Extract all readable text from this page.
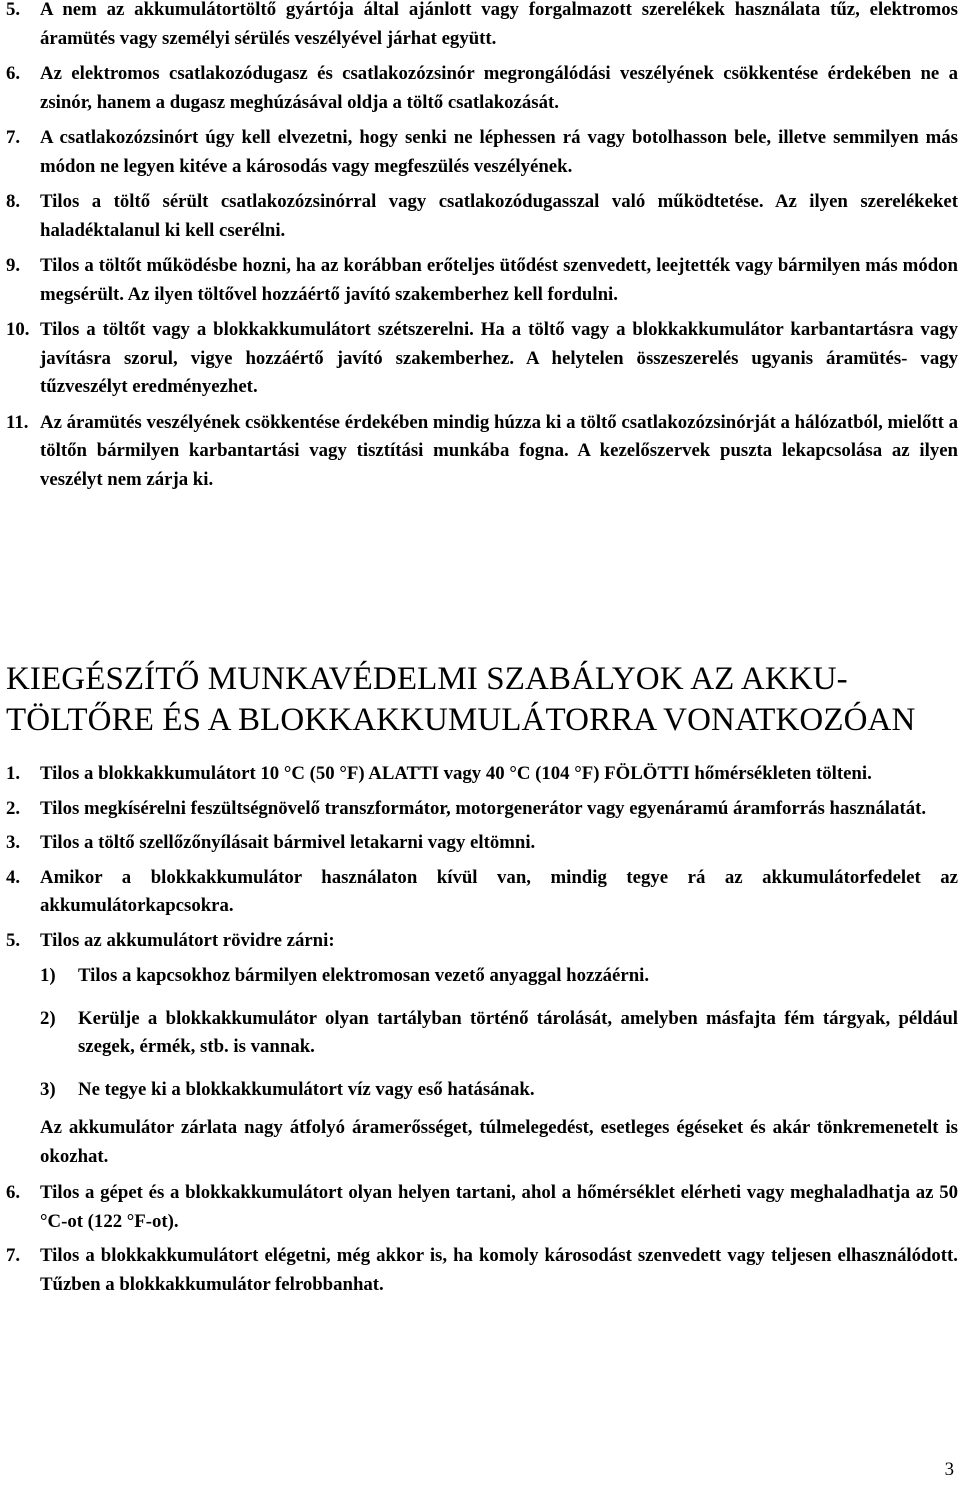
5.	A nem az akkumulátortöltő gyártója által ajánlott vagy forgalmazott szerelékek használata tűz, elektromos áramütés vagy személyi sérülés veszélyével járhat együtt.
6.	Az elektromos csatlakozódugasz és csatlakozózsinór megrongálódási veszélyének csökkentése érdekében ne a zsinór, hanem a dugasz meghúzásával oldja a töltő csatlakozását.
7.	A csatlakozózsinórt úgy kell elvezetni, hogy senki ne léphessen rá vagy botolhasson bele, illetve semmilyen más módon ne legyen kitéve a károsodás vagy megfeszülés veszélyének.
8.	Tilos a töltő sérült csatlakozózsinórral vagy csatlakozódugasszal való működtetése. Az ilyen szerelékeket haladéktalanul ki kell cserélni.
9.	Tilos a töltőt működésbe hozni, ha az korábban erőteljes ütődést szenvedett, leejtették vagy bármilyen más módon megsérült. Az ilyen töltővel hozzáértő javító szakemberhez kell fordulni.
10. Tilos a töltőt vagy a blokkakkumulátort szétszerelni. Ha a töltő vagy a blokkakkumulátor karbantartásra vagy javításra szorul, vigye hozzáértő javító szakemberhez. A helytelen összeszerelés ugyanis áramütés- vagy tűzveszélyt eredményezhet.
11. Az áramütés veszélyének csökkentése érdekében mindig húzza ki a töltő csatlakozózsinórját a hálózatból, mielőtt a töltőn bármilyen karbantartási vagy tisztítási munkába fogna. A kezelőszervek puszta lekapcsolása az ilyen veszélyt nem zárja ki.
KIEGÉSZÍTŐ MUNKAVÉDELMI SZABÁLYOK AZ AKKU-
TÖLTŐRE ÉS A BLOKKAKKUMULÁTORRA VONATKOZÓAN
1.	Tilos a blokkakkumulátort 10 °C (50 °F) ALATTI vagy 40 °C (104 °F) FÖLÖTTI hőmérsékleten tölteni.
2.	Tilos megkísérelni feszültségnövelő transzformátor, motorgenerátor vagy egyenáramú áramforrás használatát.
3.	Tilos a töltő szellőzőnyílásait bármivel letakarni vagy eltömni.
4.	Amikor a blokkakkumulátor használaton kívül van, mindig tegye rá az akkumulátorfedelet az akkumulátorkapcsokra.
5.	Tilos az akkumulátort rövidre zárni:
1)	Tilos a kapcsokhoz bármilyen elektromosan vezető anyaggal hozzáérni.
2)	Kerülje a blokkakkumulátor olyan tartályban történő tárolását, amelyben másfajta fém tárgyak, például szegek, érmék, stb. is vannak.
3)	Ne tegye ki a blokkakkumulátort víz vagy eső hatásának.
Az akkumulátor zárlata nagy átfolyó áramerősséget, túlmelegedést, esetleges égéseket és akár tönkremenetelt is okozhat.
6.	Tilos a gépet és a blokkakkumulátort olyan helyen tartani, ahol a hőmérséklet elérheti vagy meghaladhatja az 50 °C-ot (122 °F-ot).
7.	Tilos a blokkakkumulátort elégetni, még akkor is, ha komoly károsodást szenvedett vagy teljesen elhasználódott. Tűzben a blokkakkumulátor felrobbanhat.
3
